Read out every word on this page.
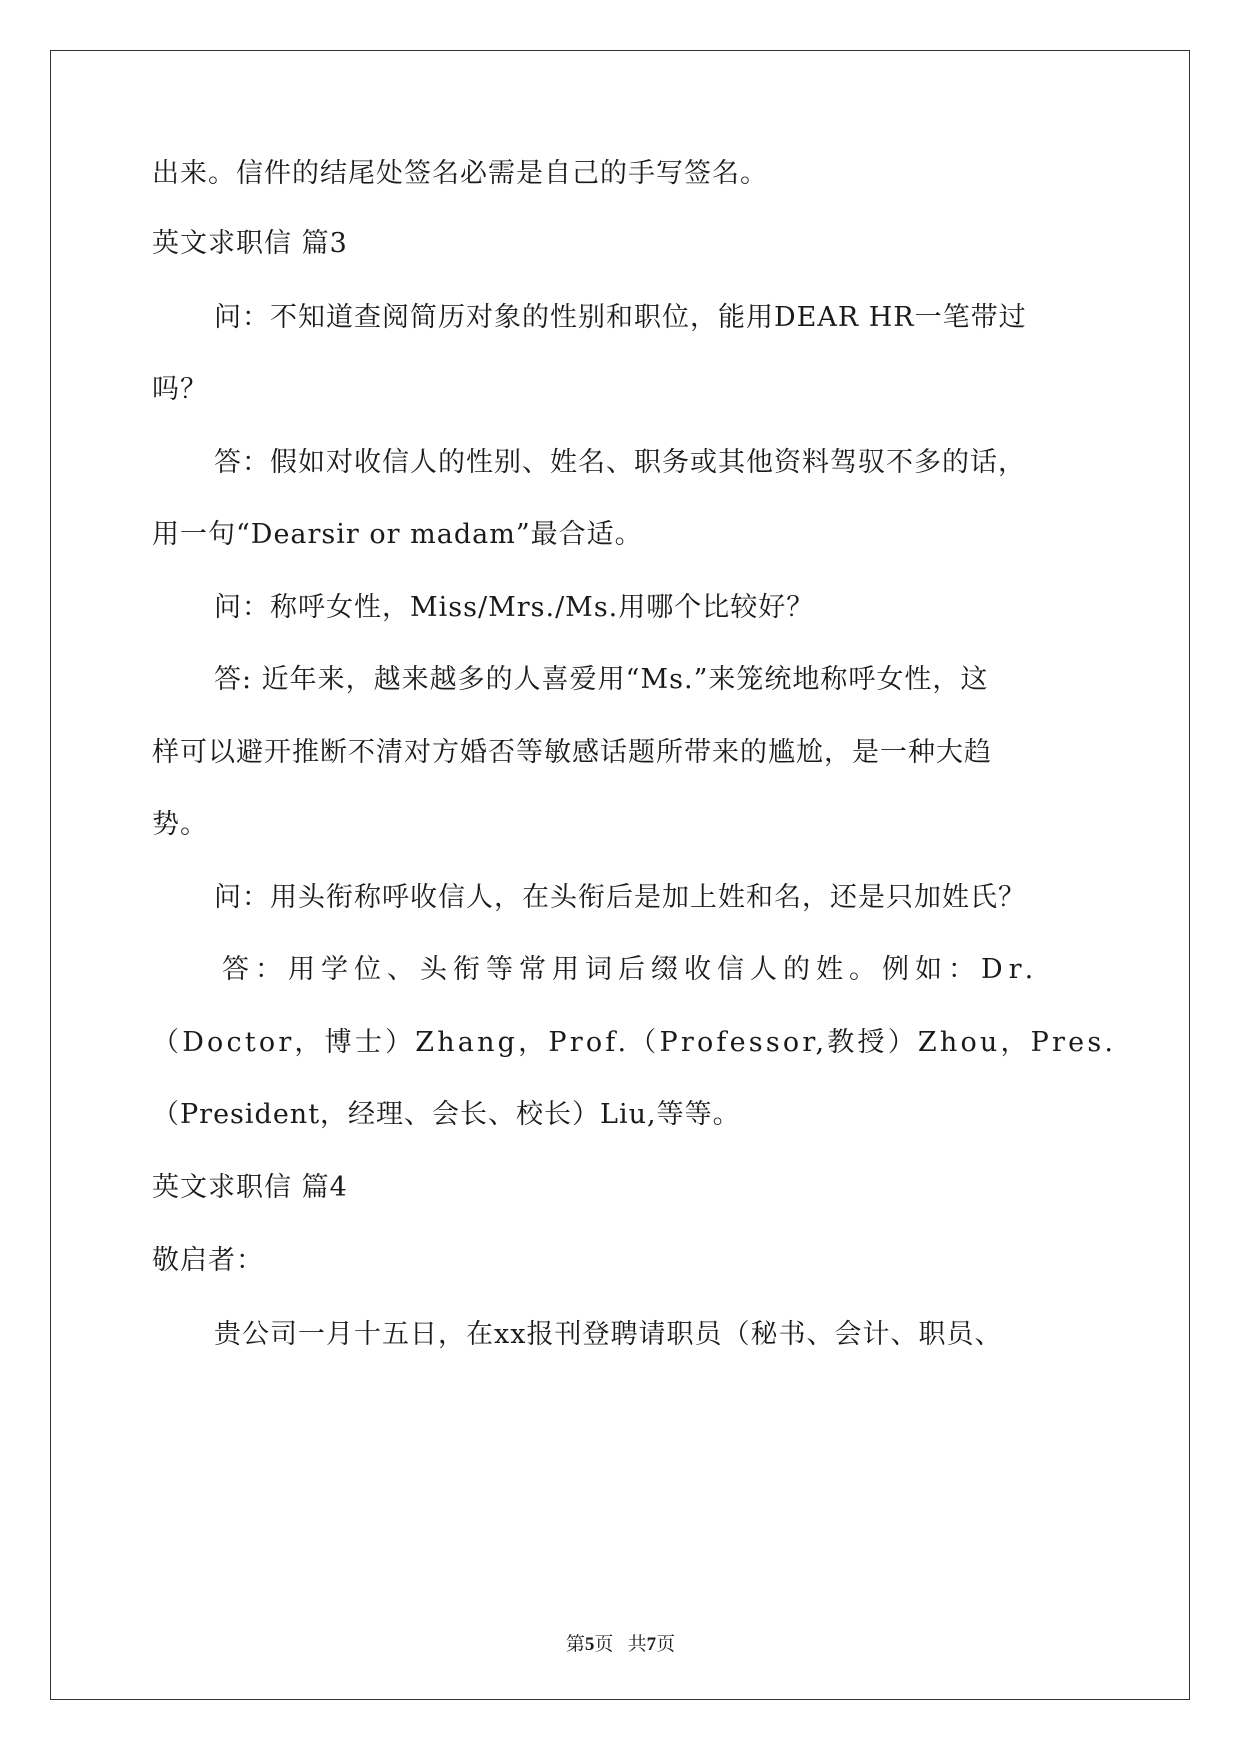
出来。信件的结尾处签名必需是自己的手写签名。
英文求职信 篇3
问：不知道查阅简历对象的性别和职位，能用DEAR HR一笔带过
吗？
答：假如对收信人的性别、姓名、职务或其他资料驾驭不多的话，
用一句“Dearsir or madam”最合适。
问：称呼女性，Miss/Mrs./Ms.用哪个比较好？
答: 近年来，越来越多的人喜爱用“Ms.”来笼统地称呼女性，这
样可以避开推断不清对方婚否等敏感话题所带来的尴尬，是一种大趋
势。
问：用头衔称呼收信人，在头衔后是加上姓和名，还是只加姓氏？
答：用学位、头衔等常用词后缀收信人的姓。例如：Dr.
（Doctor，博士）Zhang，Prof.（Professor,教授）Zhou，Pres.
（President，经理、会长、校长）Liu,等等。
英文求职信 篇4
敬启者：
贵公司一月十五日，在xx报刊登聘请职员（秘书、会计、职员、
第5页   共7页
